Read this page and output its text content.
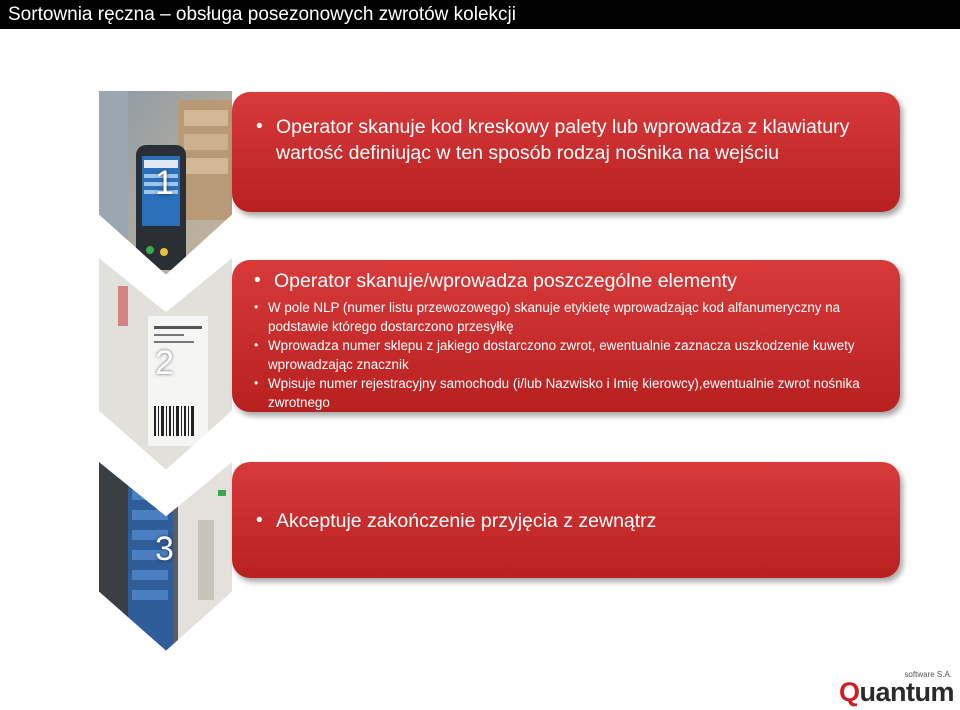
Sortownia ręczna – obsługa posezonowych zwrotów kolekcji
1
• Operator skanuje kod kreskowy palety lub wprowadza z klawiatury wartość definiując w ten sposób rodzaj nośnika na wejściu
2
• Operator skanuje/wprowadza poszczególne elementy
• W pole NLP (numer listu przewozowego) skanuje etykietę wprowadzając kod alfanumeryczny na podstawie którego dostarczono przesyłkę
• Wprowadza numer sklepu z jakiego dostarczono zwrot, ewentualnie zaznacza uszkodzenie kuwety wprowadzając znacznik
• Wpisuje numer rejestracyjny samochodu (i/lub Nazwisko i Imię kierowcy),ewentualnie zwrot nośnika zwrotnego
3
• Akceptuje zakończenie przyjęcia z zewnątrz
software S.A.
Quantum
